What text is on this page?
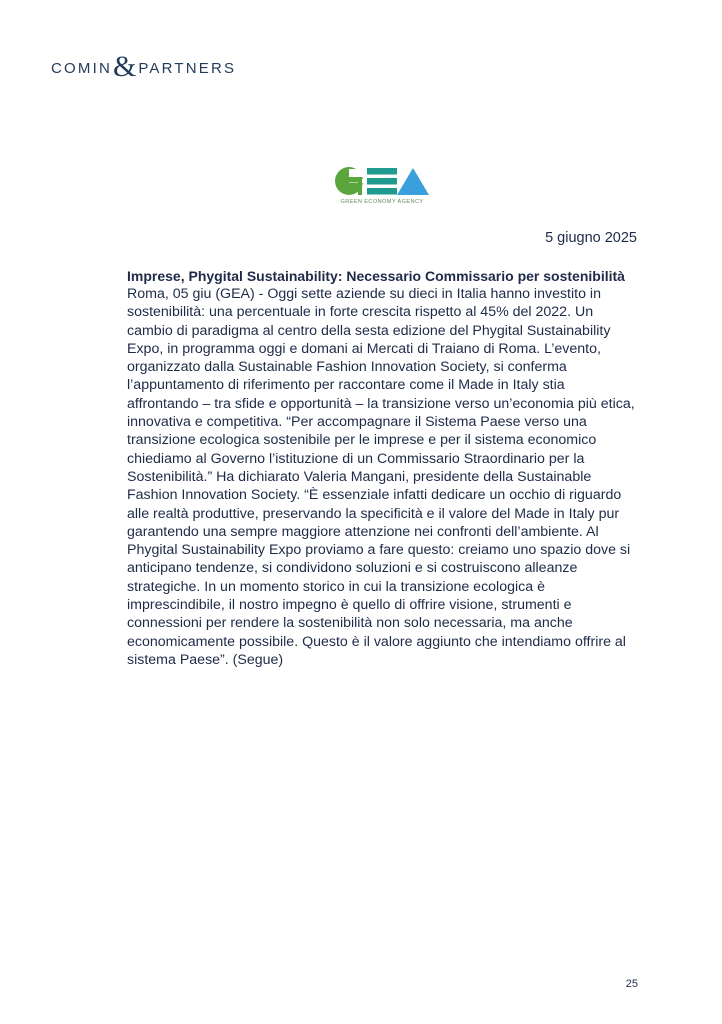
COMIN & PARTNERS
GREEN ECONOMY AGENCY
5 giugno 2025

Imprese, Phygital Sustainability: Necessario Commissario per sostenibilità

Roma, 05 giu (GEA) - Oggi sette aziende su dieci in Italia hanno investito in sostenibilità: una percentuale in forte crescita rispetto al 45% del 2022. Un cambio di paradigma al centro della sesta edizione del Phygital Sustainability Expo, in programma oggi e domani ai Mercati di Traiano di Roma. L’evento, organizzato dalla Sustainable Fashion Innovation Society, si conferma l’appuntamento di riferimento per raccontare come il Made in Italy stia affrontando – tra sfide e opportunità – la transizione verso un’economia più etica, innovativa e competitiva. “Per accompagnare il Sistema Paese verso una transizione ecologica sostenibile per le imprese e per il sistema economico chiediamo al Governo l’istituzione di un Commissario Straordinario per la Sostenibilità.” Ha dichiarato Valeria Mangani, presidente della Sustainable Fashion Innovation Society. “È essenziale infatti dedicare un occhio di riguardo alle realtà produttive, preservando la specificità e il valore del Made in Italy pur garantendo una sempre maggiore attenzione nei confronti dell’ambiente. Al Phygital Sustainability Expo proviamo a fare questo: creiamo uno spazio dove si anticipano tendenze, si condividono soluzioni e si costruiscono alleanze strategiche. In un momento storico in cui la transizione ecologica è imprescindibile, il nostro impegno è quello di offrire visione, strumenti e connessioni per rendere la sostenibilità non solo necessaria, ma anche economicamente possibile. Questo è il valore aggiunto che intendiamo offrire al sistema Paese”. (Segue)

25
